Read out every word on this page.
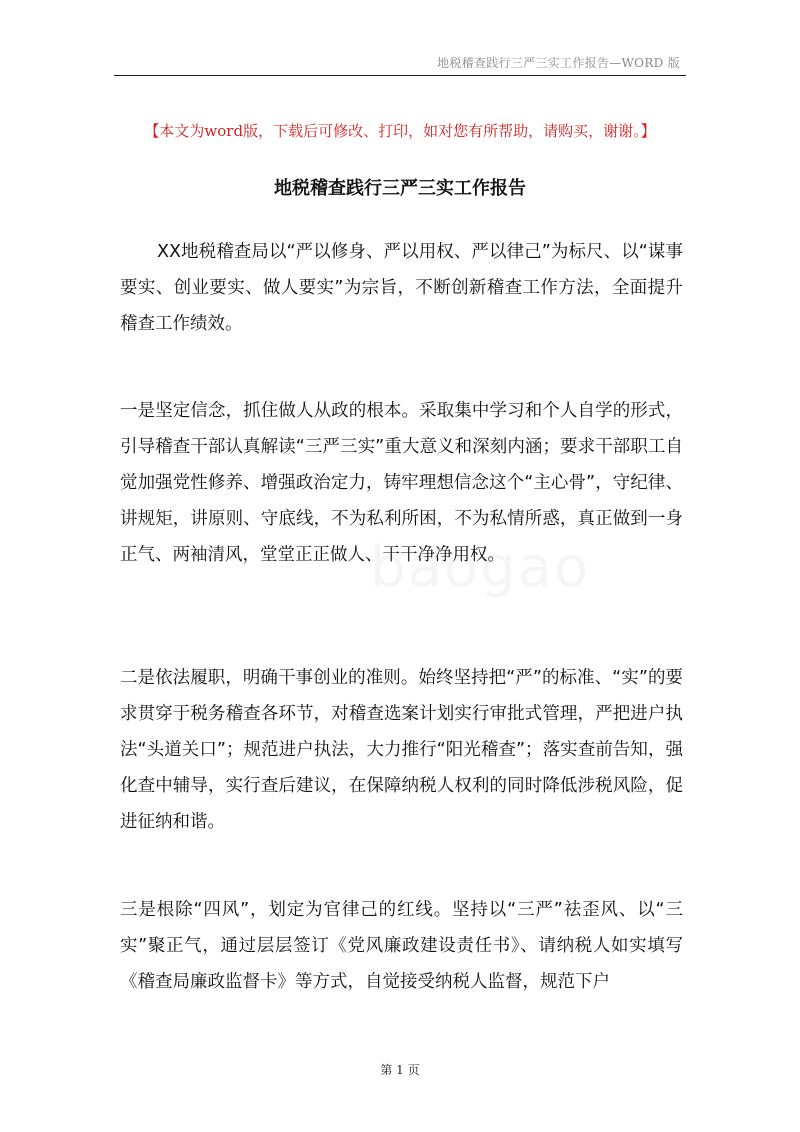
地税稽查践行三严三实工作报告—WORD 版
【本文为word版，下载后可修改、打印，如对您有所帮助，请购买，谢谢。】
地税稽查践行三严三实工作报告

XX地税稽查局以“严以修身、严以用权、严以律己”为标尺、以“谋事要实、创业要实、做人要实”为宗旨，不断创新稽查工作方法，全面提升稽查工作绩效。

一是坚定信念，抓住做人从政的根本。采取集中学习和个人自学的形式，引导稽查干部认真解读“三严三实”重大意义和深刻内涵；要求干部职工自觉加强党性修养、增强政治定力，铸牢理想信念这个“主心骨”，守纪律、讲规矩，讲原则、守底线，不为私利所困，不为私情所惑，真正做到一身正气、两袖清风，堂堂正正做人、干干净净用权。

二是依法履职，明确干事创业的准则。始终坚持把“严”的标准、“实”的要求贯穿于税务稽查各环节，对稽查选案计划实行审批式管理，严把进户执法“头道关口”；规范进户执法，大力推行“阳光稽查”；落实查前告知，强化查中辅导，实行查后建议，在保障纳税人权利的同时降低涉税风险，促进征纳和谐。

三是根除“四风”，划定为官律己的红线。坚持以“三严”祛歪风、以“三实”聚正气，通过层层签订《党风廉政建设责任书》、请纳税人如实填写《稽查局廉政监督卡》等方式，自觉接受纳税人监督，规范下户

第 1 页
